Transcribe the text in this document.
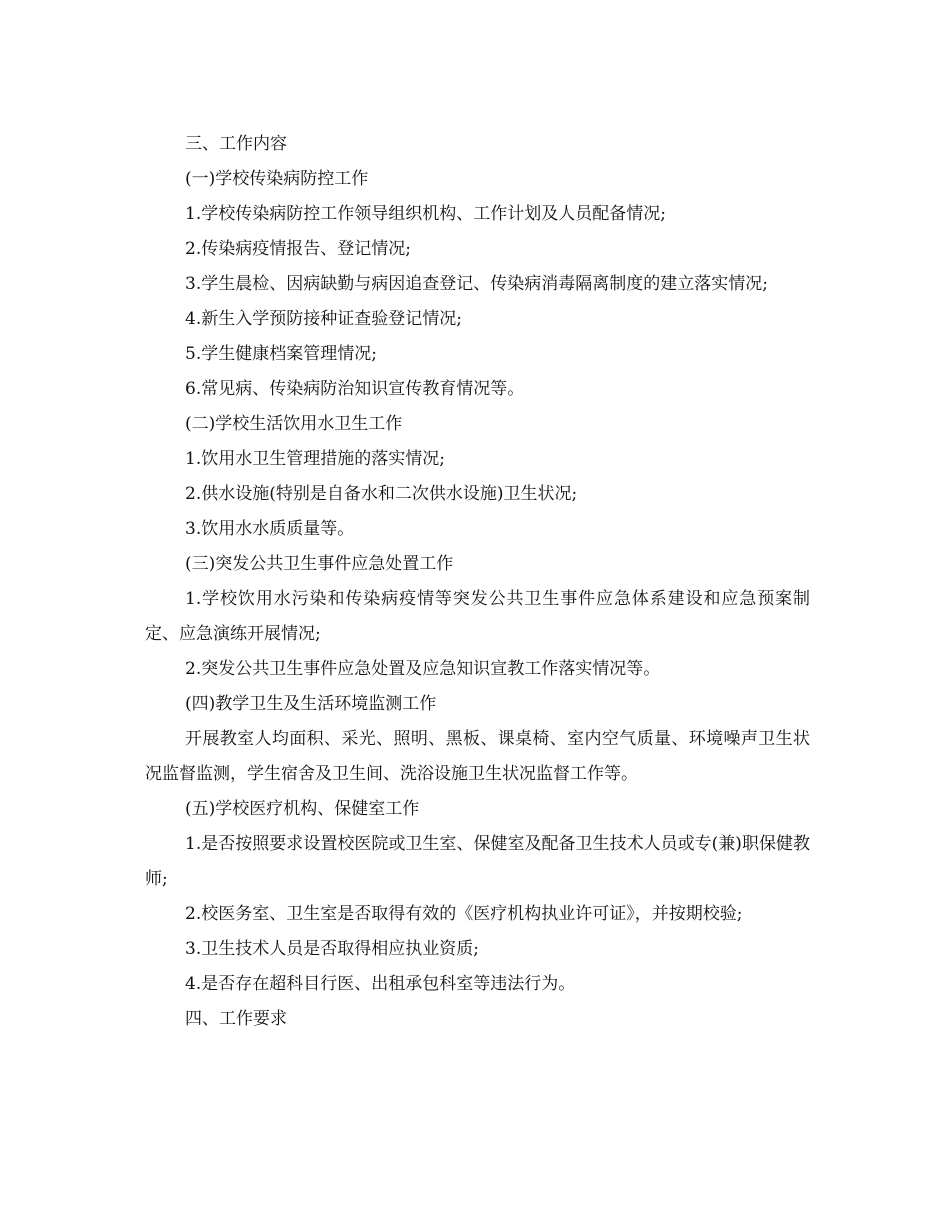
三、工作内容

(一)学校传染病防控工作

1.学校传染病防控工作领导组织机构、工作计划及人员配备情况;

2.传染病疫情报告、登记情况;

3.学生晨检、因病缺勤与病因追查登记、传染病消毒隔离制度的建立落实情况;

4.新生入学预防接种证查验登记情况;

5.学生健康档案管理情况;

6.常见病、传染病防治知识宣传教育情况等。

(二)学校生活饮用水卫生工作

1.饮用水卫生管理措施的落实情况;

2.供水设施(特别是自备水和二次供水设施)卫生状况;

3.饮用水水质质量等。

(三)突发公共卫生事件应急处置工作

1.学校饮用水污染和传染病疫情等突发公共卫生事件应急体系建设和应急预案制定、应急演练开展情况;

2.突发公共卫生事件应急处置及应急知识宣教工作落实情况等。

(四)教学卫生及生活环境监测工作

开展教室人均面积、采光、照明、黑板、课桌椅、室内空气质量、环境噪声卫生状况监督监测，学生宿舍及卫生间、洗浴设施卫生状况监督工作等。

(五)学校医疗机构、保健室工作

1.是否按照要求设置校医院或卫生室、保健室及配备卫生技术人员或专(兼)职保健教师;

2.校医务室、卫生室是否取得有效的《医疗机构执业许可证》，并按期校验;

3.卫生技术人员是否取得相应执业资质;

4.是否存在超科目行医、出租承包科室等违法行为。

四、工作要求
